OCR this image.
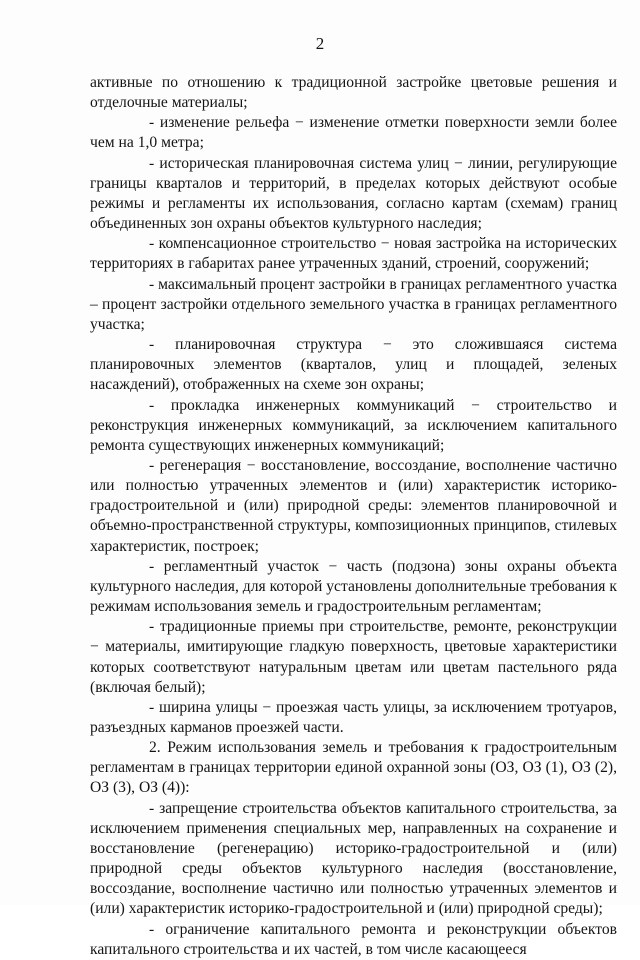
2

активные по отношению к традиционной застройке цветовые решения и отделочные материалы;

- изменение рельефа − изменение отметки поверхности земли более чем на 1,0 метра;

- историческая планировочная система улиц − линии, регулирующие границы кварталов и территорий, в пределах которых действуют особые режимы и регламенты их использования, согласно картам (схемам) границ объединенных зон охраны объектов культурного наследия;

- компенсационное строительство − новая застройка на исторических территориях в габаритах ранее утраченных зданий, строений, сооружений;

- максимальный процент застройки в границах регламентного участка – процент застройки отдельного земельного участка в границах регламентного участка;

- планировочная структура − это сложившаяся система планировочных элементов (кварталов, улиц и площадей, зеленых насаждений), отображенных на схеме зон охраны;

- прокладка инженерных коммуникаций − строительство и реконструкция инженерных коммуникаций, за исключением капитального ремонта существующих инженерных коммуникаций;

- регенерация − восстановление, воссоздание, восполнение частично или полностью утраченных элементов и (или) характеристик историко-градостроительной и (или) природной среды: элементов планировочной и объемно-пространственной структуры, композиционных принципов, стилевых характеристик, построек;

- регламентный участок − часть (подзона) зоны охраны объекта культурного наследия, для которой установлены дополнительные требования к режимам использования земель и градостроительным регламентам;

- традиционные приемы при строительстве, ремонте, реконструкции − материалы, имитирующие гладкую поверхность, цветовые характеристики которых соответствуют натуральным цветам или цветам пастельного ряда (включая белый);

- ширина улицы − проезжая часть улицы, за исключением тротуаров, разъездных карманов проезжей части.

2. Режим использования земель и требования к градостроительным регламентам в границах территории единой охранной зоны (ОЗ, ОЗ (1), ОЗ (2), ОЗ (3), ОЗ (4)):

- запрещение строительства объектов капитального строительства, за исключением применения специальных мер, направленных на сохранение и восстановление (регенерацию) историко-градостроительной и (или) природной среды объектов культурного наследия (восстановление, воссоздание, восполнение частично или полностью утраченных элементов и (или) характеристик историко-градостроительной и (или) природной среды);

- ограничение капитального ремонта и реконструкции объектов капитального строительства и их частей, в том числе касающееся
